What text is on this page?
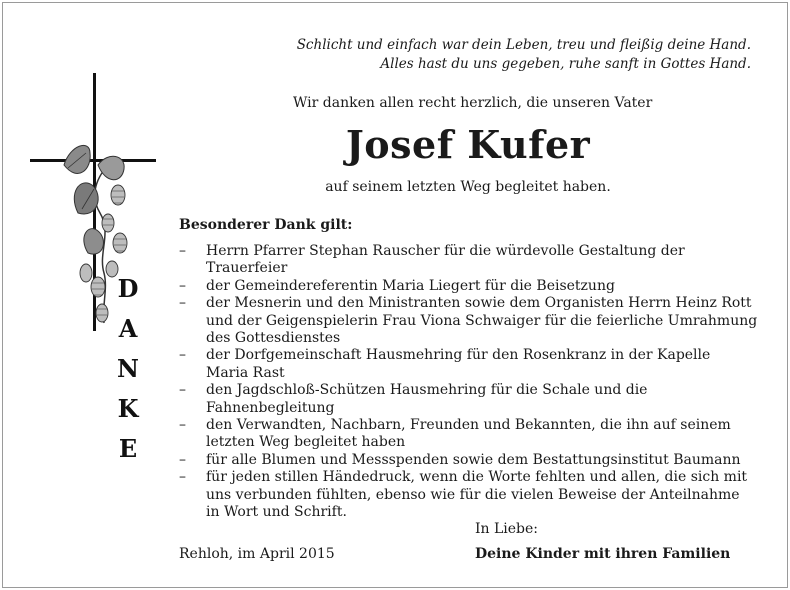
D
A
N
K
E
Schlicht und einfach war dein Leben, treu und fleißig deine Hand.
Alles hast du uns gegeben, ruhe sanft in Gottes Hand.
Wir danken allen recht herzlich, die unseren Vater
Josef Kufer
auf seinem letzten Weg begleitet haben.
Besonderer Dank gilt:
– Herrn Pfarrer Stephan Rauscher für die würdevolle Gestaltung der Trauerfeier
– der Gemeindereferentin Maria Liegert für die Beisetzung
– der Mesnerin und den Ministranten sowie dem Organisten Herrn Heinz Rott
und der Geigenspielerin Frau Viona Schwaiger für die feierliche Umrahmung
des Gottesdienstes
– der Dorfgemeinschaft Hausmehring für den Rosenkranz in der Kapelle
Maria Rast
– den Jagdschloß-Schützen Hausmehring für die Schale und die
Fahnenbegleitung
– den Verwandten, Nachbarn, Freunden und Bekannten, die ihn auf seinem
letzten Weg begleitet haben
– für alle Blumen und Messspenden sowie dem Bestattungsinstitut Baumann
– für jeden stillen Händedruck, wenn die Worte fehlten und allen, die sich mit
uns verbunden fühlten, ebenso wie für die vielen Beweise der Anteilnahme
in Wort und Schrift.
In Liebe:
Rehloh, im April 2015	Deine Kinder mit ihren Familien
